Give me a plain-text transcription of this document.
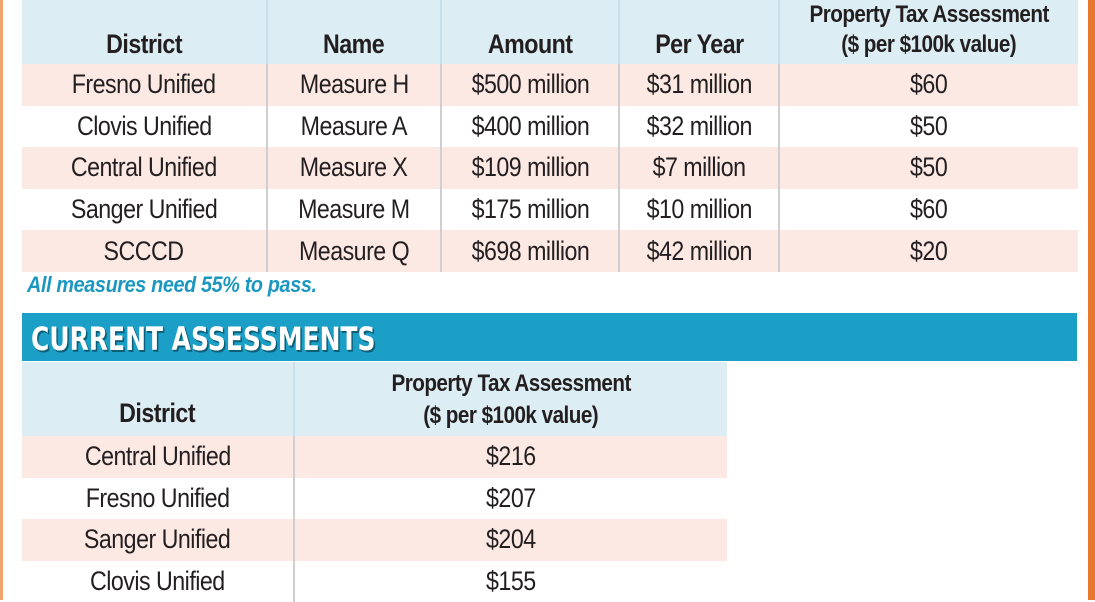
District	Name	Amount	Per Year	Property Tax Assessment
($ per $100k value)
Fresno Unified	Measure H	$500 million	$31 million	$60
Clovis Unified	Measure A	$400 million	$32 million	$50
Central Unified	Measure X	$109 million	$7 million	$50
Sanger Unified	Measure M	$175 million	$10 million	$60
SCCCD	Measure Q	$698 million	$42 million	$20
All measures need 55% to pass.
CURRENT ASSESSMENTS
District	Property Tax Assessment
($ per $100k value)
Central Unified	$216
Fresno Unified	$207
Sanger Unified	$204
Clovis Unified	$155
